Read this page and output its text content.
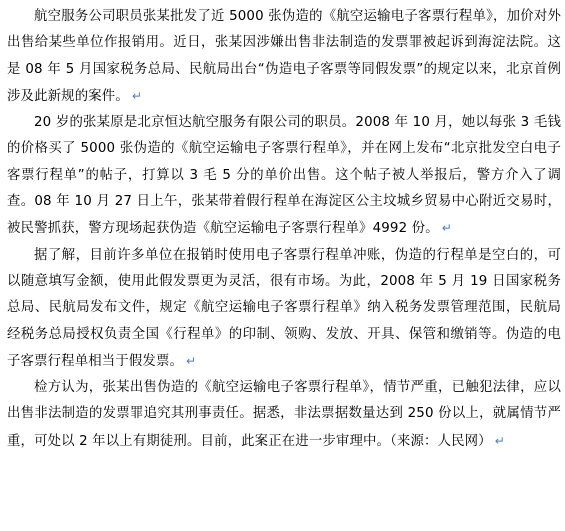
航空服务公司职员张某批发了近 5000 张伪造的《航空运输电子客票行程单》，加价对外出售给某些单位作报销用。近日，张某因涉嫌出售非法制造的发票罪被起诉到海淀法院。这是 08 年 5 月国家税务总局、民航局出台“伪造电子客票等同假发票”的规定以来，北京首例涉及此新规的案件。 ↵

20 岁的张某原是北京恒达航空服务有限公司的职员。2008 年 10 月，她以每张 3 毛钱的价格买了 5000 张伪造的《航空运输电子客票行程单》，并在网上发布“北京批发空白电子客票行程单”的帖子，打算以 3 毛 5 分的单价出售。这个帖子被人举报后，警方介入了调查。08 年 10 月 27 日上午，张某带着假行程单在海淀区公主坟城乡贸易中心附近交易时，被民警抓获，警方现场起获伪造《航空运输电子客票行程单》4992 份。 ↵

据了解，目前许多单位在报销时使用电子客票行程单冲账，伪造的行程单是空白的，可以随意填写金额，使用此假发票更为灵活，很有市场。为此，2008 年 5 月 19 日国家税务总局、民航局发布文件，规定《航空运输电子客票行程单》纳入税务发票管理范围，民航局经税务总局授权负责全国《行程单》的印制、领购、发放、开具、保管和缴销等。伪造的电子客票行程单相当于假发票。 ↵

检方认为，张某出售伪造的《航空运输电子客票行程单》，情节严重，已触犯法律，应以出售非法制造的发票罪追究其刑事责任。据悉，非法票据数量达到 250 份以上，就属情节严重，可处以 2 年以上有期徒刑。目前，此案正在进一步审理中。（来源：人民网） ↵
